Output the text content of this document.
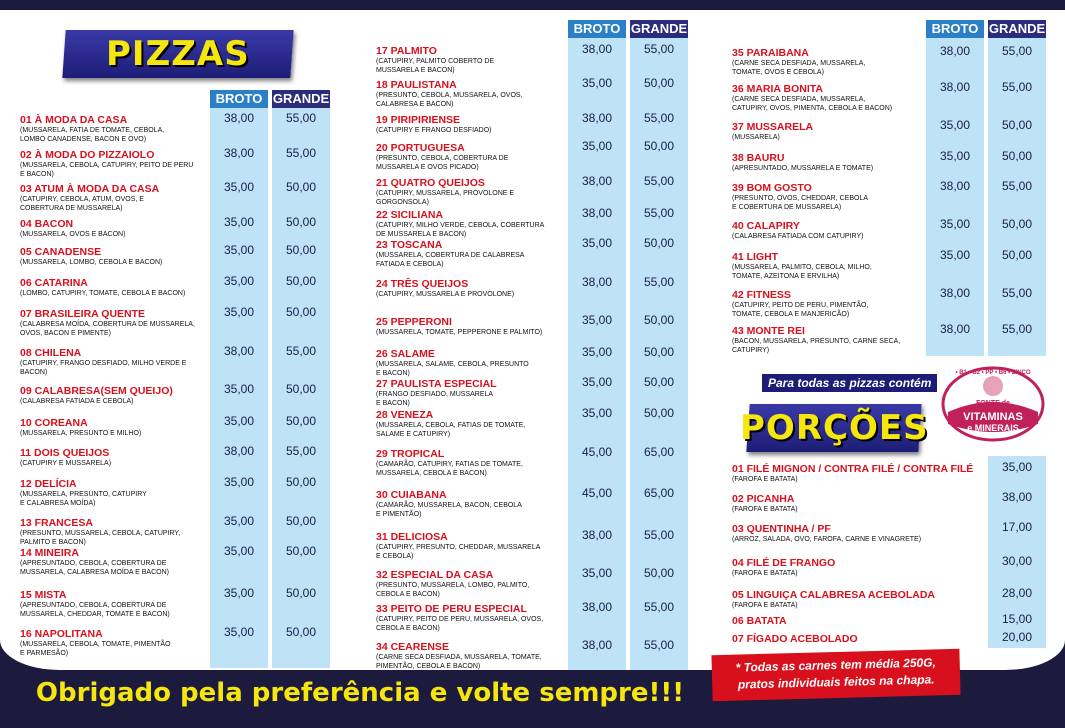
PIZZAS
BROTO GRANDE
BROTO GRANDE	BROTO GRANDE
01 À MODA DA CASA
(MUSSARELA, FATIA DE TOMATE, CEBOLA,
LOMBO CANADENSE, BACON E OVO)
38,00	55,00
02 À MODA DO PIZZAIOLO
(MUSSARELA, CEBOLA, CATUPIRY, PEITO DE PERU
E BACON)
38,00	55,00
03 ATUM À MODA DA CASA
(CATUPIRY, CEBOLA, ATUM, OVOS, E
COBERTURA DE MUSSARELA)
35,00	50,00
04 BACON
(MUSSARELA, OVOS E BACON)
35,00	50,00
05 CANADENSE
(MUSSARELA, LOMBO, CEBOLA E BACON)
35,00	50,00
06 CATARINA
(LOMBO, CATUPIRY, TOMATE, CEBOLA E BACON)
35,00	50,00
07 BRASILEIRA QUENTE
(CALABRESA MOÍDA, COBERTURA DE MUSSARELA,
OVOS, BACON E PIMENTE)
35,00	50,00
08 CHILENA
(CATUPIRY, FRANGO DESFIADO, MILHO VERDE E
BACON)
38,00	55,00
09 CALABRESA(SEM QUEIJO)
(CALABRESA FATIADA E CEBOLA)
35,00	50,00
10 COREANA
(MUSSARELA, PRESUNTO E MILHO)
35,00	50,00
11 DOIS QUEIJOS
(CATUPIRY E MUSSARELA)
38,00	55,00
12 DELÍCIA
(MUSSARELA, PRESUNTO, CATUPIRY
E CALABRESA MOÍDA)
35,00	50,00
13 FRANCESA
(PRESUNTO, MUSSARELA, CEBOLA, CATUPIRY,
PALMITO E BACON)
35,00	50,00
14 MINEIRA
(APRESUNTADO, CEBOLA, COBERTURA DE
MUSSARELA, CALABRESA MOÍDA E BACON)
35,00	50,00
15 MISTA
(APRESUNTADO, CEBOLA, COBERTURA DE
MUSSARELA, CHEDDAR, TOMATE E BACON)
35,00	50,00
16 NAPOLITANA
(MUSSARELA, CEBOLA, TOMATE, PIMENTÃO
E PARMESÃO)
35,00	50,00
17 PALMITO
(CATUPIRY, PALMITO COBERTO DE
MUSSARELA E BACON)
38,00	55,00
18 PAULISTANA
(PRESUNTO, CEBOLA, MUSSARELA, OVOS,
CALABRESA E BACON)
35,00	50,00
19 PIRIPIRIENSE
(CATUPIRY E FRANGO DESFIADO)
38,00	55,00
20 PORTUGUESA
(PRESUNTO, CEBOLA, COBERTURA DE
MUSSARELA E OVOS PICADO)
35,00	50,00
21 QUATRO QUEIJOS
(CATUPIRY, MUSSARELA, PROVOLONE E
GORGONSOLA)
38,00	55,00
22 SICILIANA
(CATUPIRY, MILHO VERDE, CEBOLA, COBERTURA
DE MUSSARELA E BACON)
38,00	55,00
23 TOSCANA
(MUSSARELA, COBERTURA DE CALABRESA
FATIADA E CEBOLA)
35,00	50,00
24 TRÊS QUEIJOS
(CATUPIRY, MUSSARELA E PROVOLONE)
38,00	55,00
25 PEPPERONI
(MUSSARELA, TOMATE, PEPPERONE E PALMITO)
35,00	50,00
26 SALAME
(MUSSARELA, SALAME, CEBOLA, PRESUNTO
E BACON)
35,00	50,00
27 PAULISTA ESPECIAL
(FRANGO DESFIADO, MUSSARELA
E BACON)
35,00	50,00
28 VENEZA
(MUSSARELA, CEBOLA, FATIAS DE TOMATE,
SALAME E CATUPIRY)
35,00	50,00
29 TROPICAL
(CAMARÃO, CATUPIRY, FATIAS DE TOMATE,
MUSSARELA, CEBOLA E BACON)
45,00	65,00
30 CUIABANA
(CAMARÃO, MUSSARELA, BACON, CEBOLA
E PIMENTÃO)
45,00	65,00
31 DELICIOSA
(CATUPIRY, PRESUNTO, CHEDDAR, MUSSARELA
E CEBOLA)
38,00	55,00
32 ESPECIAL DA CASA
(PRESUNTO, MUSSARELA, LOMBO, PALMITO,
CEBOLA E BACON)
35,00	50,00
33 PEITO DE PERU ESPECIAL
(CATUPIRY, PEITO DE PERU, MUSSARELA, OVOS,
CEBOLA E BACON)
38,00	55,00
34 CEARENSE
(CARNE SECA DESFIADA, MUSSARELA, TOMATE,
PIMENTÃO, CEBOLA E BACON)
38,00	55,00
35 PARAIBANA
(CARNE SECA DESFIADA, MUSSARELA,
TOMATE, OVOS E CEBOLA)
38,00	55,00
36 MARIA BONITA
(CARNE SECA DESFIADA, MUSSARELA,
CATUPIRY, OVOS, PIMENTA, CEBOLA E BACON)
38,00	55,00
37 MUSSARELA
(MUSSARELA)
35,00	50,00
38 BAURU
(APRESUNTADO, MUSSARELA E TOMATE)
35,00	50,00
39 BOM GOSTO
(PRESUNTO, OVOS, CHEDDAR, CEBOLA
E COBERTURA DE MUSSARELA)
38,00	55,00
40 CALAPIRY
(CALABRESA FATIADA COM CATUPIRY)
35,00	50,00
41 LIGHT
(MUSSARELA, PALMITO, CEBOLA, MILHO,
TOMATE, AZEITONA E ERVILHA)
35,00	50,00
42 FITNESS
(CATUPIRY, PEITO DE PERU, PIMENTÃO,
TOMATE, CEBOLA E MANJERICÃO)
38,00	55,00
43 MONTE REI
(BACON, MUSSARELA, PRESUNTO, CARNE SECA,
CATUPIRY)
38,00	55,00
01 FILÉ MIGNON / CONTRA FILÉ / CONTRA FILÉ
(FAROFA E BATATA)
35,00
02 PICANHA
(FAROFA E BATATA)
38,00
03 QUENTINHA / PF
(ARROZ, SALADA, OVO, FAROFA, CARNE E VINAGRETE)
17,00
04 FILÉ DE FRANGO
(FAROFA E BATATA)
30,00
05 LINGUIÇA CALABRESA ACEBOLADA
(FAROFA E BATATA)
28,00
06 BATATA	15,00
07 FÍGADO ACEBOLADO	20,00
Para todas as pizzas contém
• B1 • B2 • PP • B6 • ZINCO
FONTE de
VITAMINAS
e MINERAIS
PORÇÕES
* Todas as carnes tem média 250G,
pratos individuais feitos na chapa.
Obrigado pela preferência e volte sempre!!!
